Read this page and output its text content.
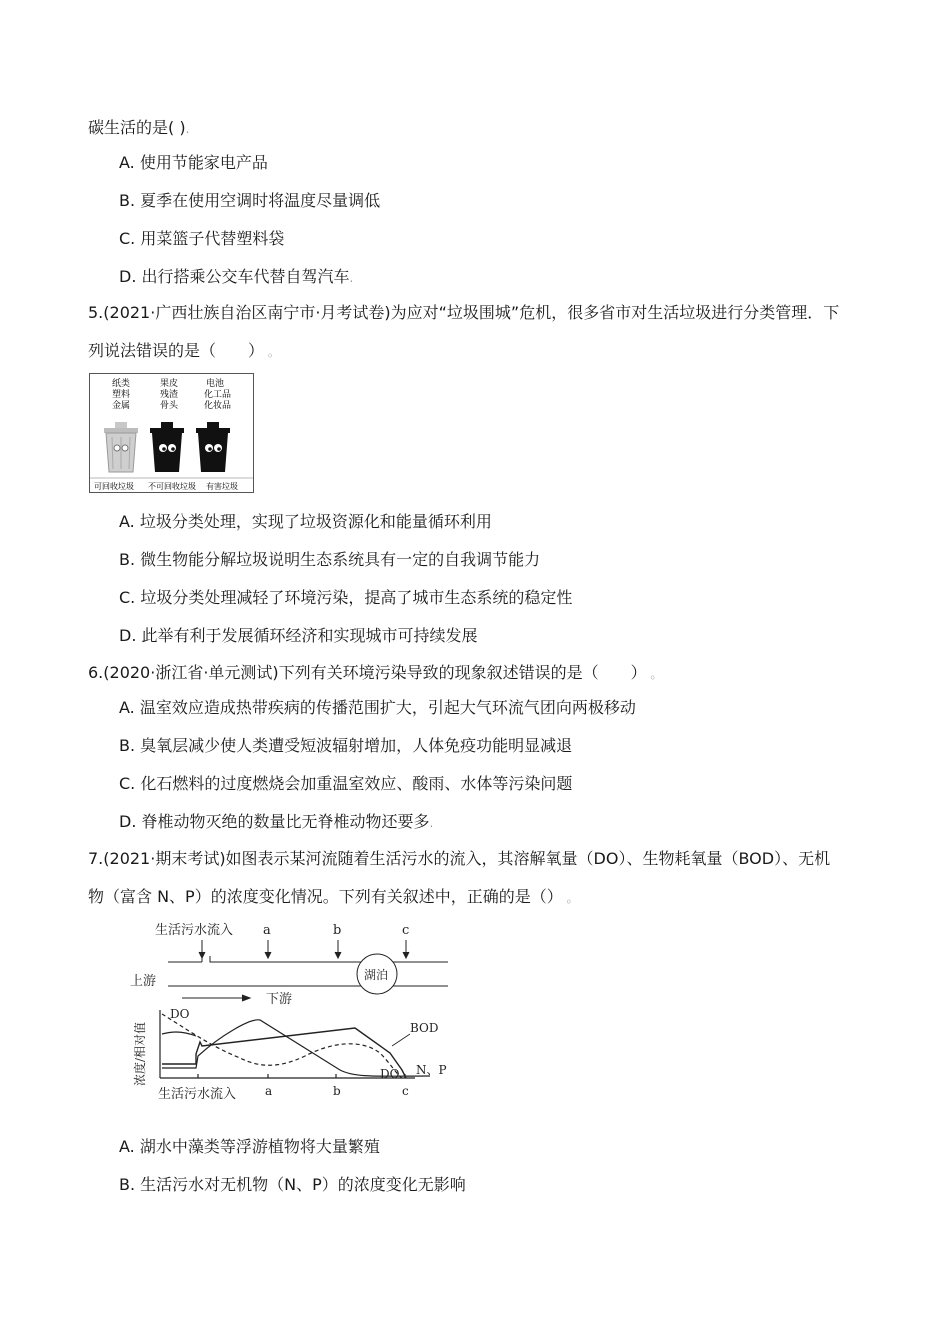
碳生活的是( ).
A. 使用节能家电产品
B. 夏季在使用空调时将温度尽量调低
C. 用菜篮子代替塑料袋
D. 出行搭乘公交车代替自驾汽车.
5.(2021·广西壮族自治区南宁市·月考试卷)为应对“垃圾围城”危机，很多省市对生活垃圾进行分类管理．下
列说法错误的是（　　） 。
纸类
塑料
金属
果皮
残渣
骨头
电池
化工品
化妆品
可回收垃圾 不可回收垃圾 有害垃圾
A. 垃圾分类处理，实现了垃圾资源化和能量循环利用
B. 微生物能分解垃圾说明生态系统具有一定的自我调节能力
C. 垃圾分类处理减轻了环境污染，提高了城市生态系统的稳定性
D. 此举有利于发展循环经济和实现城市可持续发展
6.(2020·浙江省·单元测试)下列有关环境污染导致的现象叙述错误的是（　　） 。
A. 温室效应造成热带疾病的传播范围扩大，引起大气环流气团向两极移动
B. 臭氧层减少使人类遭受短波辐射增加，人体免疫功能明显减退
C. 化石燃料的过度燃烧会加重温室效应、酸雨、水体等污染问题
D. 脊椎动物灭绝的数量比无脊椎动物还要多.
7.(2021·期末考试)如图表示某河流随着生活污水的流入，其溶解氧量（DO）、生物耗氧量（BOD）、无机
物（富含 N、P）的浓度变化情况。下列有关叙述中，正确的是（） 。
生活污水流入 a	b	c
湖泊
上游
下游
浓度/相对值
DO
BOD
N、P
DO
生活污水流入 a	b	c
A. 湖水中藻类等浮游植物将大量繁殖
B. 生活污水对无机物（N、P）的浓度变化无影响
